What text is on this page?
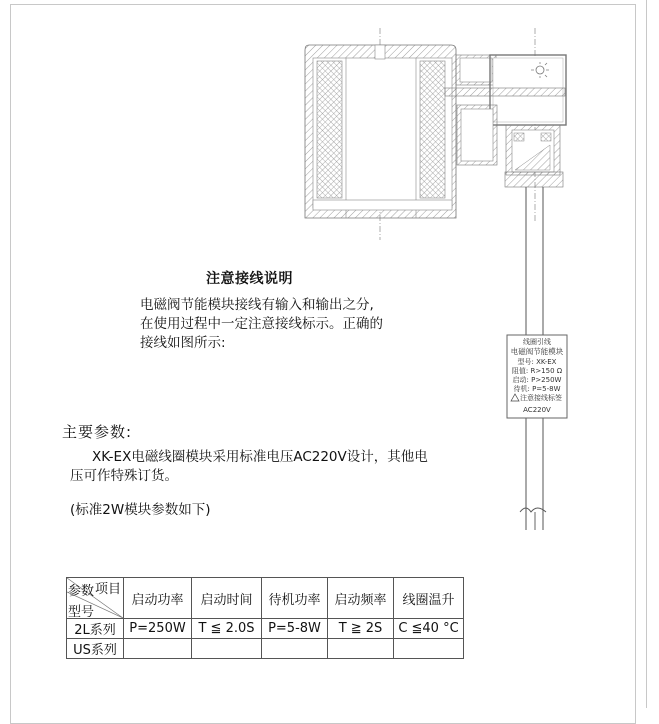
线圈引线
电磁阀节能模块
型号: XK-EX
阻值: R>150 Ω
启动: P>250W
待机: P=5-8W
注意接线标签
AC220V
注意接线说明
电磁阀节能模块接线有输入和输出之分,
在使用过程中一定注意接线标示。正确的
接线如图所示:
主要参数:
XK-EX电磁线圈模块采用标准电压AC220V设计，其他电
压可作特殊订货。
(标准2W模块参数如下)
项目
参数
型号	启动功率	启动时间	待机功率	启动频率	线圈温升
2L系列	P=250W	T ≦ 2.0S	P=5-8W	T ≧ 2S	C ≦40 °C
US系列					
